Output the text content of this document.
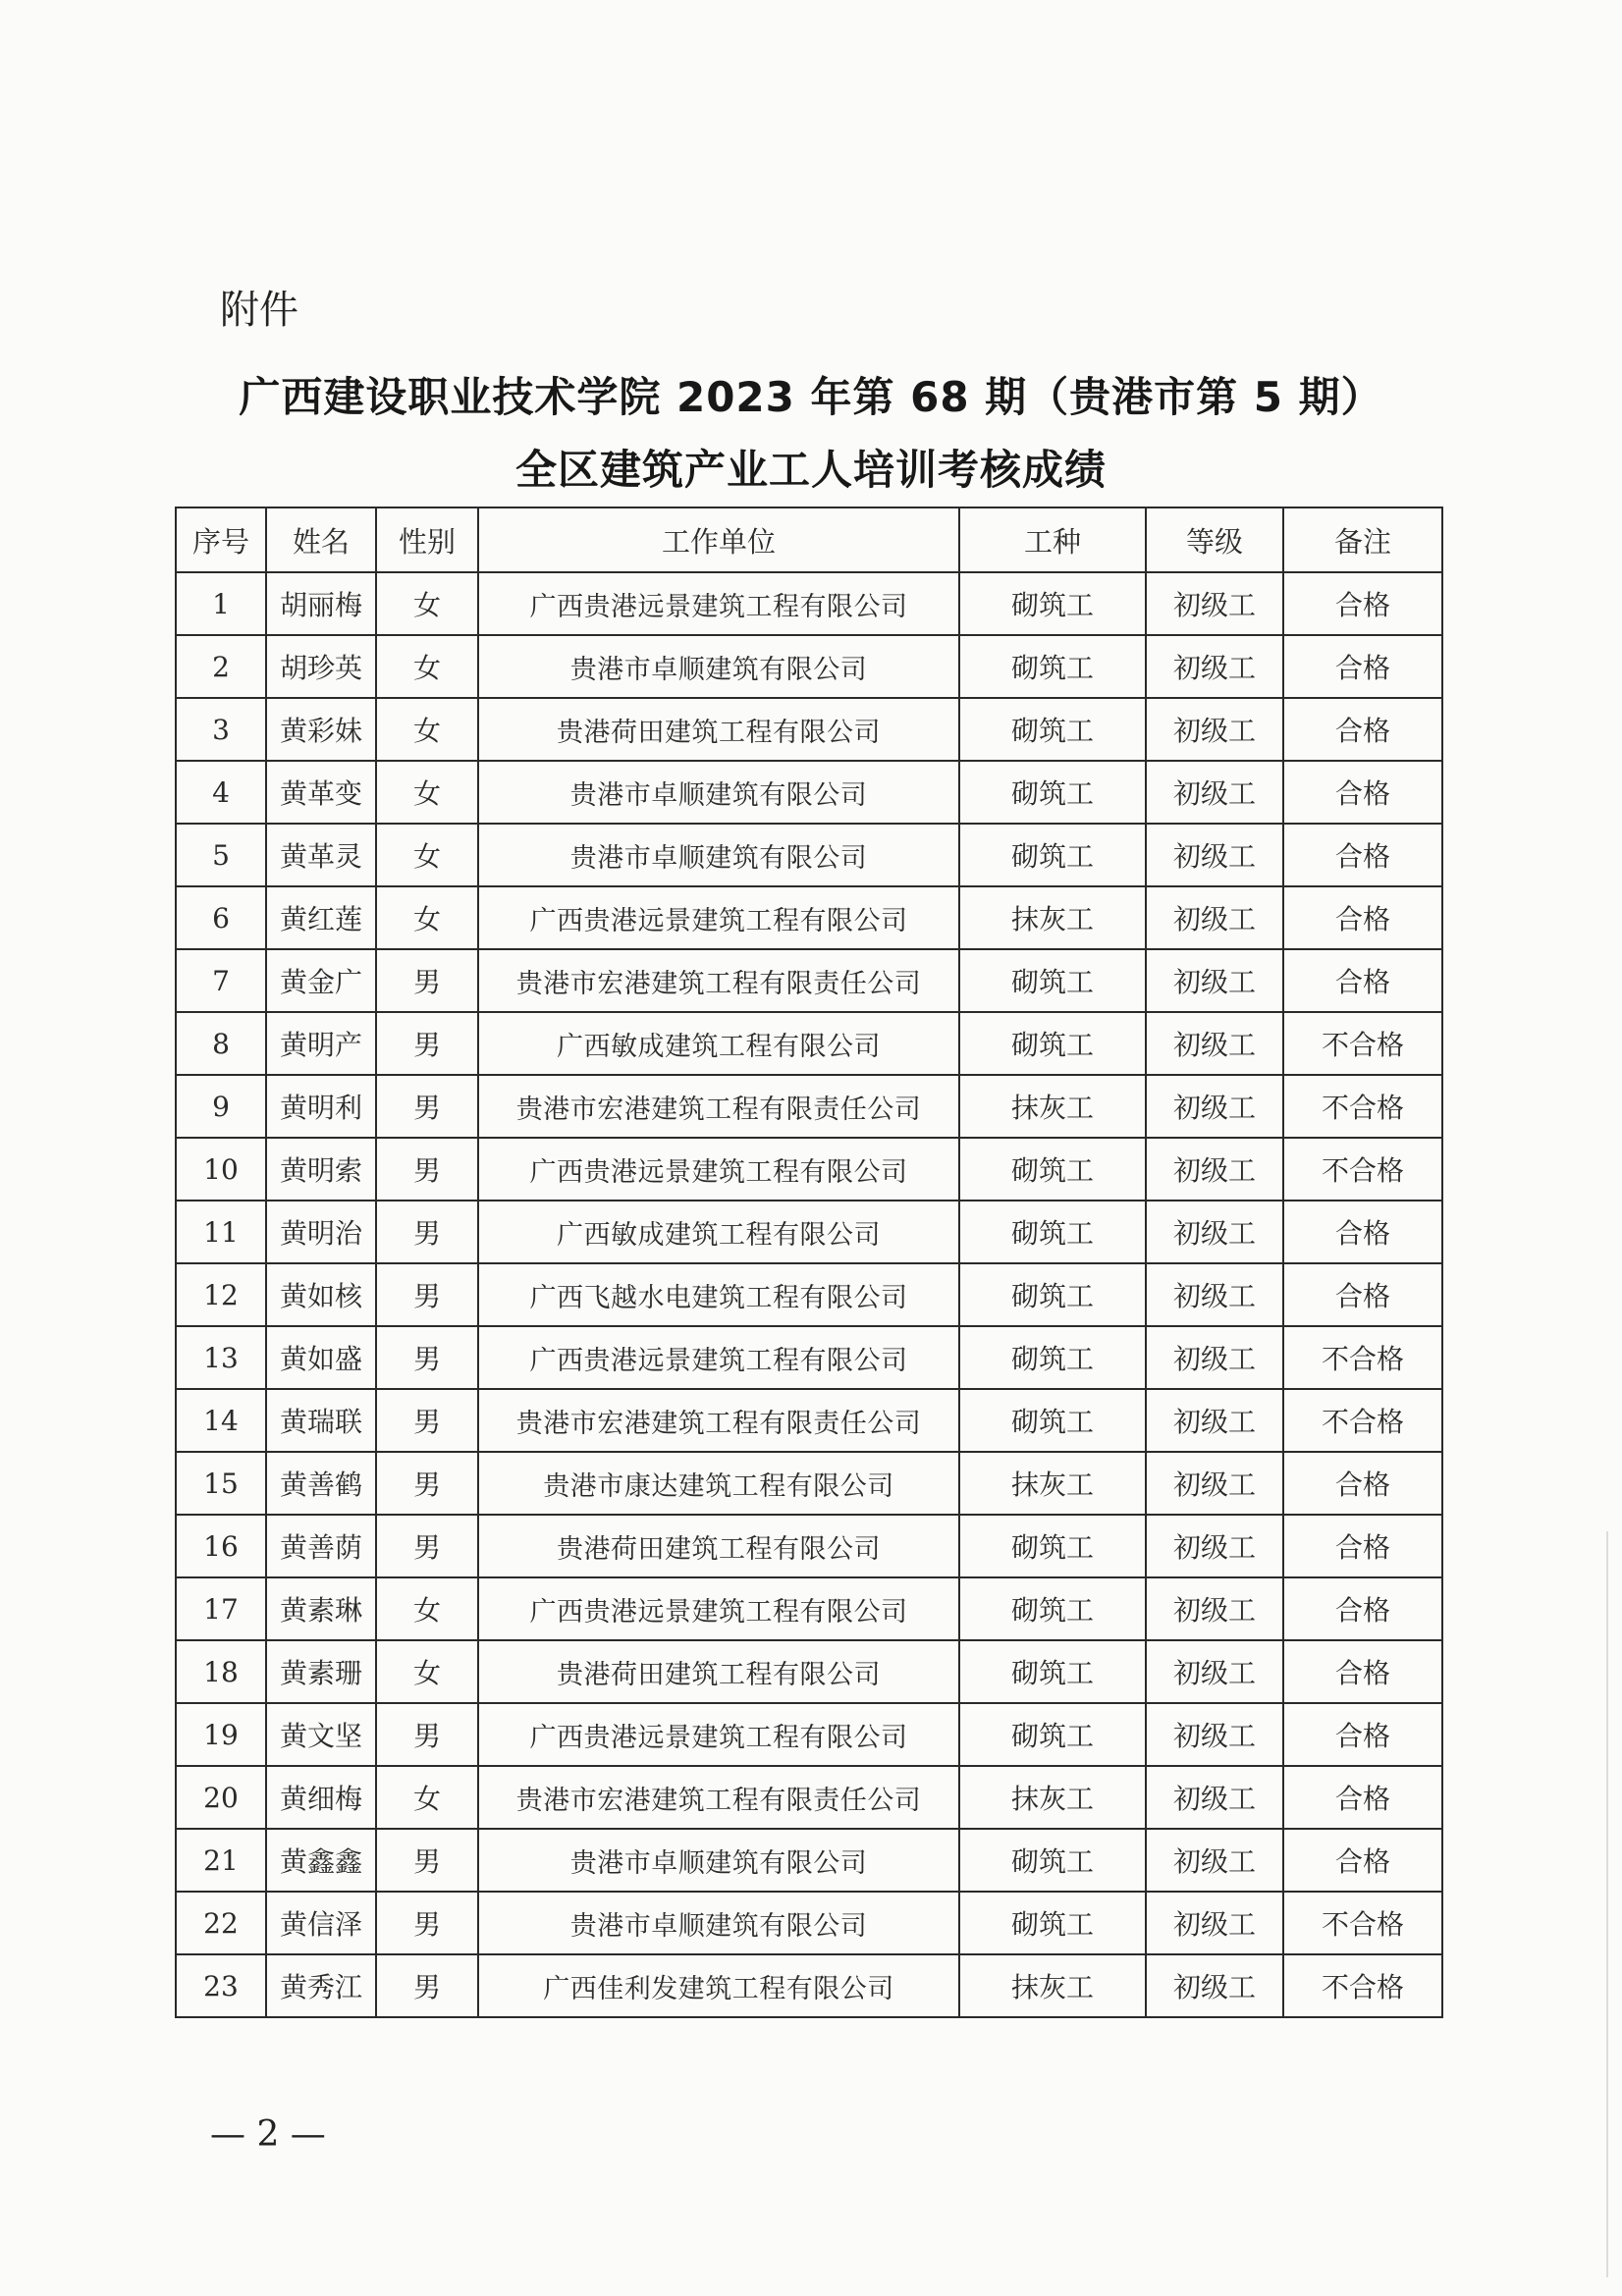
附件
广西建设职业技术学院 2023 年第 68 期（贵港市第 5 期）
全区建筑产业工人培训考核成绩
序号	姓名	性别	工作单位	工种	等级	备注
1	胡丽梅	女	广西贵港远景建筑工程有限公司	砌筑工	初级工	合格
2	胡珍英	女	贵港市卓顺建筑有限公司	砌筑工	初级工	合格
3	黄彩妹	女	贵港荷田建筑工程有限公司	砌筑工	初级工	合格
4	黄革变	女	贵港市卓顺建筑有限公司	砌筑工	初级工	合格
5	黄革灵	女	贵港市卓顺建筑有限公司	砌筑工	初级工	合格
6	黄红莲	女	广西贵港远景建筑工程有限公司	抹灰工	初级工	合格
7	黄金广	男	贵港市宏港建筑工程有限责任公司	砌筑工	初级工	合格
8	黄明产	男	广西敏成建筑工程有限公司	砌筑工	初级工	不合格
9	黄明利	男	贵港市宏港建筑工程有限责任公司	抹灰工	初级工	不合格
10	黄明索	男	广西贵港远景建筑工程有限公司	砌筑工	初级工	不合格
11	黄明治	男	广西敏成建筑工程有限公司	砌筑工	初级工	合格
12	黄如核	男	广西飞越水电建筑工程有限公司	砌筑工	初级工	合格
13	黄如盛	男	广西贵港远景建筑工程有限公司	砌筑工	初级工	不合格
14	黄瑞联	男	贵港市宏港建筑工程有限责任公司	砌筑工	初级工	不合格
15	黄善鹤	男	贵港市康达建筑工程有限公司	抹灰工	初级工	合格
16	黄善荫	男	贵港荷田建筑工程有限公司	砌筑工	初级工	合格
17	黄素琳	女	广西贵港远景建筑工程有限公司	砌筑工	初级工	合格
18	黄素珊	女	贵港荷田建筑工程有限公司	砌筑工	初级工	合格
19	黄文坚	男	广西贵港远景建筑工程有限公司	砌筑工	初级工	合格
20	黄细梅	女	贵港市宏港建筑工程有限责任公司	抹灰工	初级工	合格
21	黄鑫鑫	男	贵港市卓顺建筑有限公司	砌筑工	初级工	合格
22	黄信泽	男	贵港市卓顺建筑有限公司	砌筑工	初级工	不合格
23	黄秀江	男	广西佳利发建筑工程有限公司	抹灰工	初级工	不合格
— 2 —
